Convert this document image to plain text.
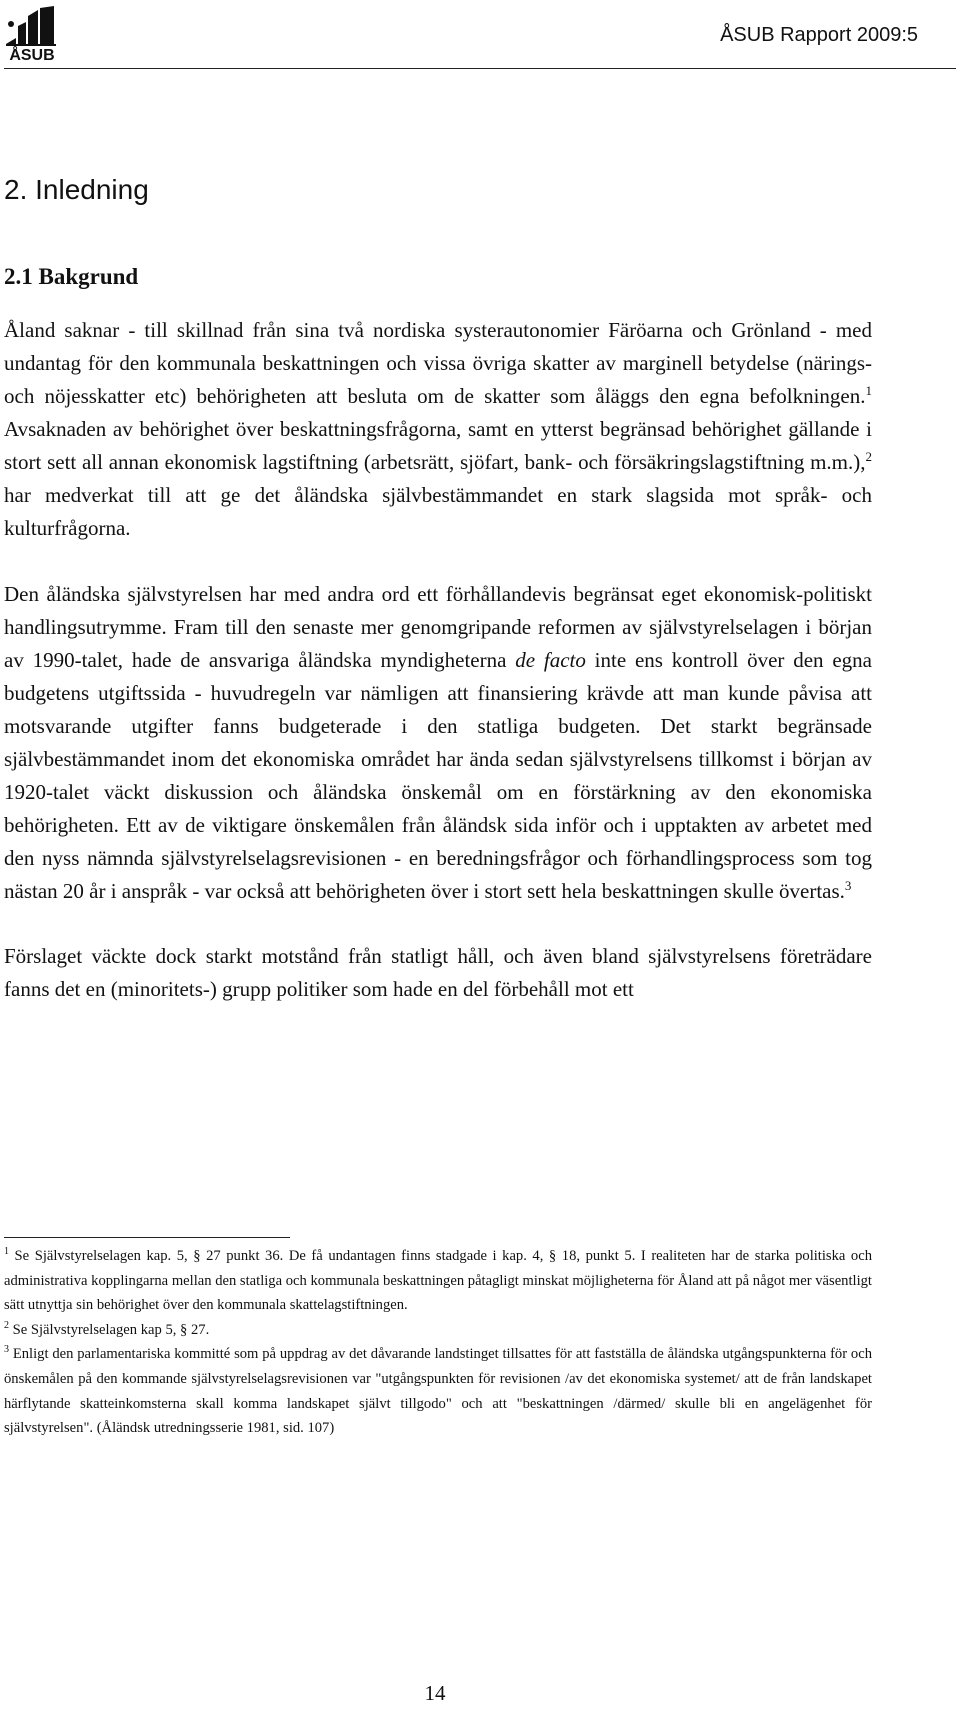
ÅSUB
ÅSUB Rapport 2009:5
2. Inledning
2.1 Bakgrund

Åland saknar - till skillnad från sina två nordiska systerautonomier Färöarna och Grönland - med undantag för den kommunala beskattningen och vissa övriga skatter av marginell betydelse (närings- och nöjesskatter etc) behörigheten att besluta om de skatter som åläggs den egna befolkningen.$^1$ Avsaknaden av behörighet över beskattningsfrågorna, samt en ytterst begränsad behörighet gällande i stort sett all annan ekonomisk lagstiftning (arbetsrätt, sjöfart, bank- och försäkringslagstiftning m.m.),$^2$ har medverkat till att ge det åländska självbestämmandet en stark slagsida mot språk- och kulturfrågorna.

Den åländska självstyrelsen har med andra ord ett förhållandevis begränsat eget ekonomisk-politiskt handlingsutrymme. Fram till den senaste mer genomgripande reformen av självstyrelselagen i början av 1990-talet, hade de ansvariga åländska myndigheterna de facto inte ens kontroll över den egna budgetens utgiftssida - huvudregeln var nämligen att finansiering krävde att man kunde påvisa att motsvarande utgifter fanns budgeterade i den statliga budgeten. Det starkt begränsade självbestämmandet inom det ekonomiska området har ända sedan självstyrelsens tillkomst i början av 1920-talet väckt diskussion och åländska önskemål om en förstärkning av den ekonomiska behörigheten. Ett av de viktigare önskemålen från åländsk sida inför och i upptakten av arbetet med den nyss nämnda självstyrelselagsrevisionen - en beredningsfrågor och förhandlingsprocess som tog nästan 20 år i anspråk - var också att behörigheten över i stort sett hela beskattningen skulle övertas.$^3$

Förslaget väckte dock starkt motstånd från statligt håll, och även bland självstyrelsens företrädare fanns det en (minoritets-) grupp politiker som hade en del förbehåll mot ett

$^1$ Se Självstyrelselagen kap. 5, § 27 punkt 36. De få undantagen finns stadgade i kap. 4, § 18, punkt 5. I realiteten har de starka politiska och administrativa kopplingarna mellan den statliga och kommunala beskattningen påtagligt minskat möjligheterna för Åland att på något mer väsentligt sätt utnyttja sin behörighet över den kommunala skattelagstiftningen.

$^2$ Se Självstyrelselagen kap 5, § 27.

$^3$ Enligt den parlamentariska kommitté som på uppdrag av det dåvarande landstinget tillsattes för att fastställa de åländska utgångspunkterna för och önskemålen på den kommande självstyrelselagsrevisionen var "utgångspunkten för revisionen /av det ekonomiska systemet/ att de från landskapet härflytande skatteinkomsterna skall komma landskapet självt tillgodo" och att "beskattningen /därmed/ skulle bli en angelägenhet för självstyrelsen". (Åländsk utredningsserie 1981, sid. 107)

14
